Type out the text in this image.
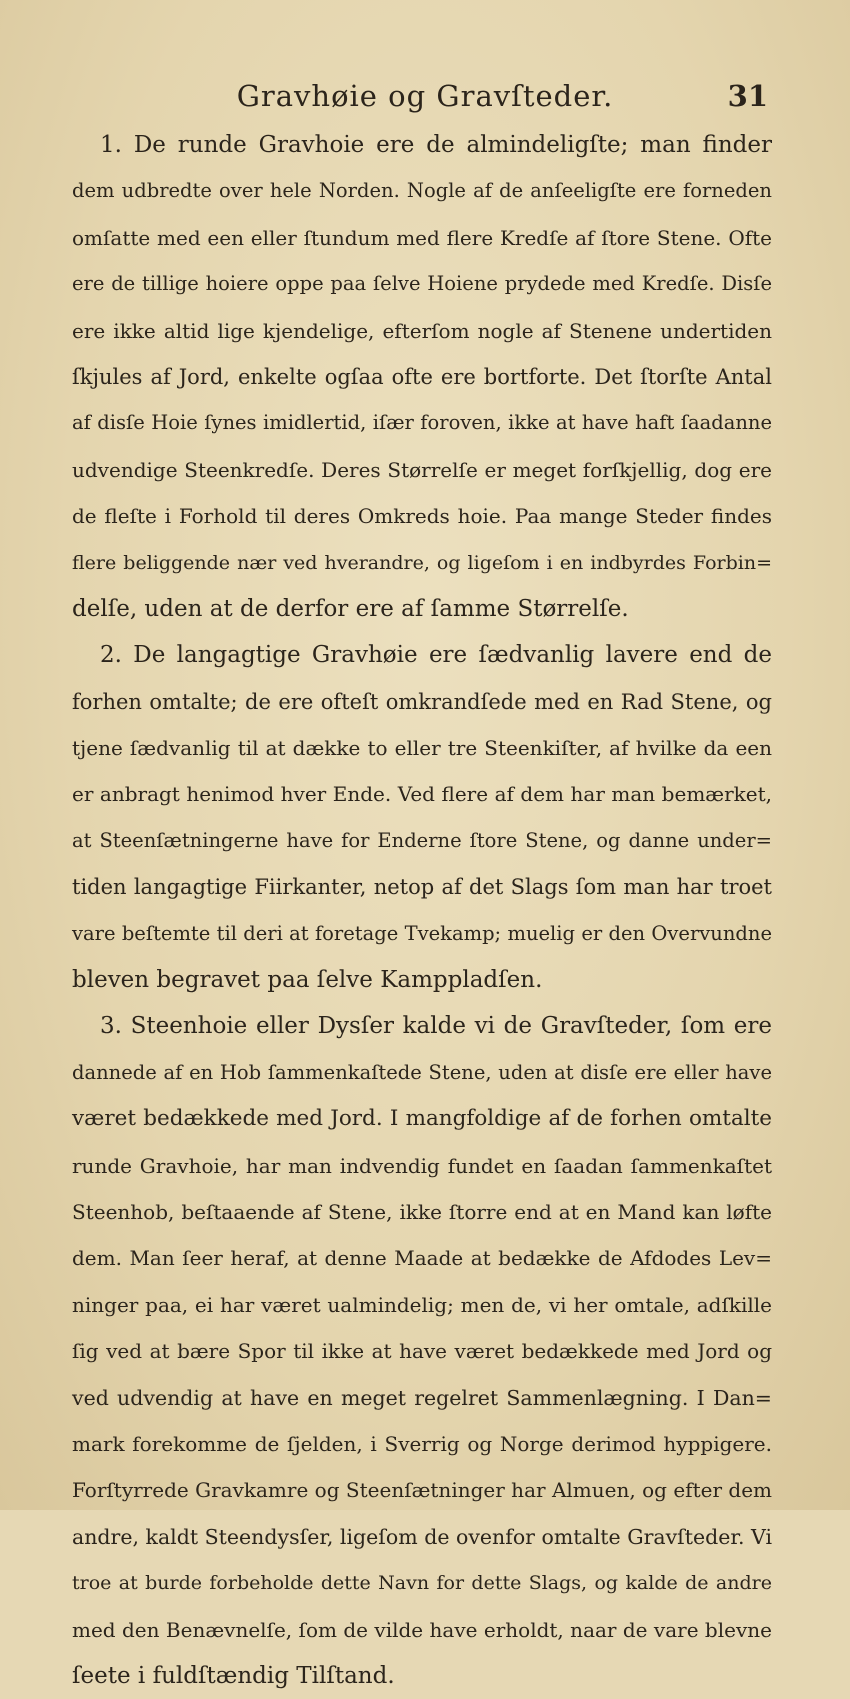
Gravhøie og Gravſteder.	31
1. De runde Gravhoie ere de almindeligſte; man finder
dem udbredte over hele Norden. Nogle af de anſeeligſte ere forneden
omſatte med een eller ſtundum med flere Kredſe af ſtore Stene. Ofte
ere de tillige hoiere oppe paa ſelve Hoiene prydede med Kredſe. Disſe
ere ikke altid lige kjendelige, efterſom nogle af Stenene undertiden
ſkjules af Jord, enkelte ogſaa ofte ere bortforte. Det ſtorſte Antal
af disſe Hoie ſynes imidlertid, iſær foroven, ikke at have haft ſaadanne
udvendige Steenkredſe. Deres Størrelſe er meget forſkjellig, dog ere
de fleſte i Forhold til deres Omkreds hoie. Paa mange Steder findes
flere beliggende nær ved hverandre, og ligeſom i en indbyrdes Forbin=
delſe, uden at de derfor ere af ſamme Størrelſe.
2. De langagtige Gravhøie ere ſædvanlig lavere end de
forhen omtalte; de ere ofteſt omkrandſede med en Rad Stene, og
tjene ſædvanlig til at dække to eller tre Steenkiſter, af hvilke da een
er anbragt henimod hver Ende. Ved flere af dem har man bemærket,
at Steenſætningerne have for Enderne ſtore Stene, og danne under=
tiden langagtige Fiirkanter, netop af det Slags ſom man har troet
vare beſtemte til deri at foretage Tvekamp; muelig er den Overvundne
bleven begravet paa ſelve Kamppladſen.
3. Steenhoie eller Dysſer kalde vi de Gravſteder, ſom ere
dannede af en Hob ſammenkaſtede Stene, uden at disſe ere eller have
været bedækkede med Jord. I mangfoldige af de forhen omtalte
runde Gravhoie, har man indvendig fundet en ſaadan ſammenkaſtet
Steenhob, beſtaaende af Stene, ikke ſtorre end at en Mand kan løfte
dem. Man ſeer heraf, at denne Maade at bedække de Afdodes Lev=
ninger paa, ei har været ualmindelig; men de, vi her omtale, adſkille
ſig ved at bære Spor til ikke at have været bedækkede med Jord og
ved udvendig at have en meget regelret Sammenlægning. I Dan=
mark forekomme de ſjelden, i Sverrig og Norge derimod hyppigere.
Forſtyrrede Gravkamre og Steenſætninger har Almuen, og efter dem
andre, kaldt Steendysſer, ligeſom de ovenfor omtalte Gravſteder. Vi
troe at burde forbeholde dette Navn for dette Slags, og kalde de andre
med den Benævnelſe, ſom de vilde have erholdt, naar de vare blevne
ſeete i fuldſtændig Tilſtand.
